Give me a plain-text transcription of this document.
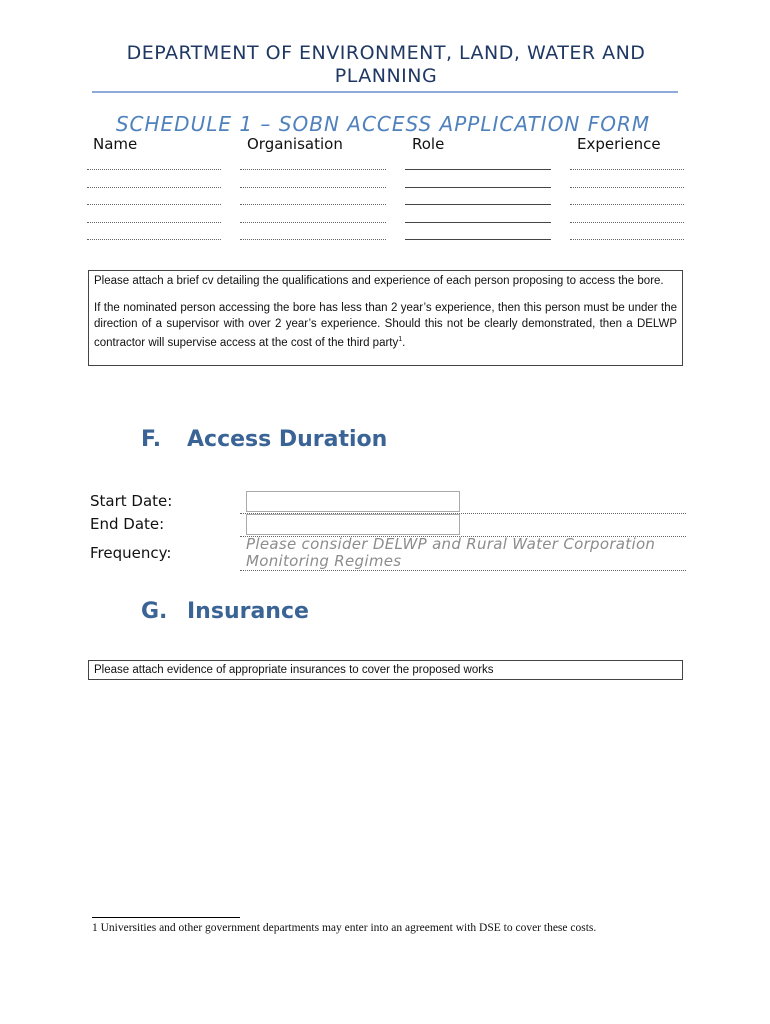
DEPARTMENT OF ENVIRONMENT, LAND, WATER AND PLANNING
SCHEDULE 1 – SOBN ACCESS APPLICATION FORM
Name	Organisation	Role	Experience

Please attach a brief cv detailing the qualifications and experience of each person proposing to access the bore.

If the nominated person accessing the bore has less than 2 year’s experience, then this person must be under the direction of a supervisor with over 2 year’s experience. Should this not be clearly demonstrated, then a DELWP contractor will supervise access at the cost of the third party$^1$.

F. Access Duration
Start Date:
End Date:
Frequency:	Please consider DELWP and Rural Water Corporation Monitoring Regimes
G. Insurance
Please attach evidence of appropriate insurances to cover the proposed works
1 Universities and other government departments may enter into an agreement with DSE to cover these costs.
